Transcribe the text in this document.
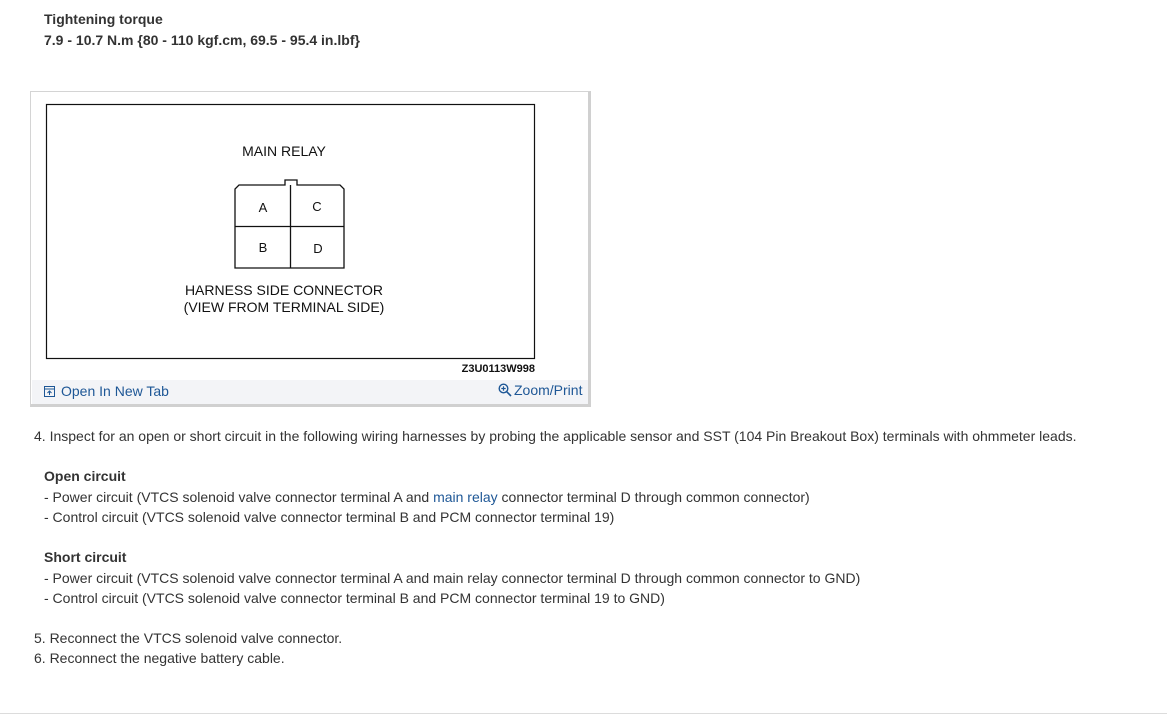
Tightening torque
7.9 - 10.7 N.m {80 - 110 kgf.cm, 69.5 - 95.4 in.lbf}
MAIN RELAY
A	C
B	D
HARNESS SIDE CONNECTOR
(VIEW FROM TERMINAL SIDE)
Z3U0113W998
Open In New Tab	Zoom/Print
4. Inspect for an open or short circuit in the following wiring harnesses by probing the applicable sensor and SST (104 Pin Breakout Box) terminals with ohmmeter leads.
Open circuit
- Power circuit (VTCS solenoid valve connector terminal A and main relay connector terminal D through common connector)
- Control circuit (VTCS solenoid valve connector terminal B and PCM connector terminal 19)
Short circuit
- Power circuit (VTCS solenoid valve connector terminal A and main relay connector terminal D through common connector to GND)
- Control circuit (VTCS solenoid valve connector terminal B and PCM connector terminal 19 to GND)
5. Reconnect the VTCS solenoid valve connector.
6. Reconnect the negative battery cable.
